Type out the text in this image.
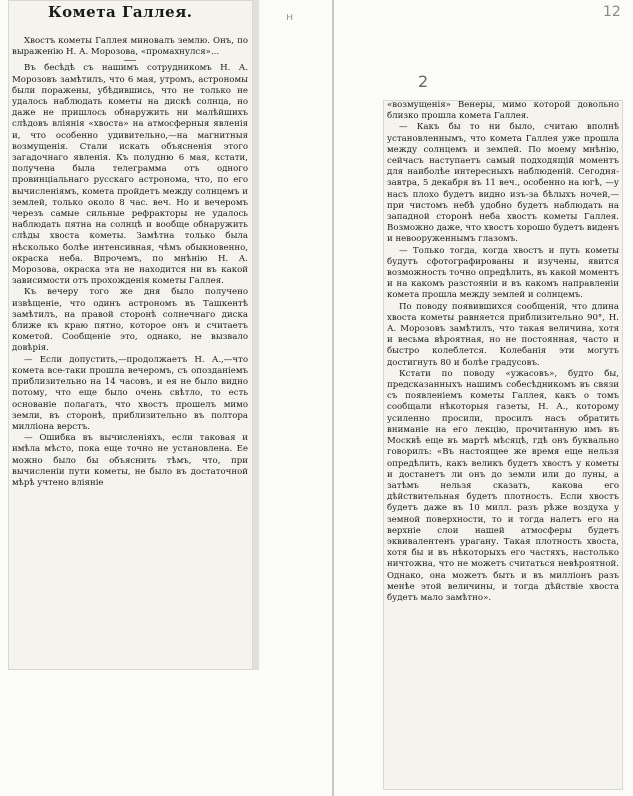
Комета Галлея.	12
2
н

Хвостъ кометы Галлея миновалъ землю. Онъ, по выраженію Н. А. Морозова, «промахнулся»...

Въ бесѣдѣ съ нашимъ сотрудникомъ Н. А. Морозовъ замѣтилъ, что 6 мая, утромъ, астрономы были поражены, убѣдившись, что не только не удалось наблюдать кометы на дискѣ солнца, но даже не пришлось обнаружить ни малѣйшихъ слѣдовъ вліянія «хвоста» на атмосферныя явленія и, что особенно удивительно,—на магнитныя возмущенія. Стали искать объясненія этого загадочнаго явленія. Къ полудню 6 мая, кстати, получена была телеграмма отъ одного провинціальнаго русскаго астронома, что, по его вычисленіямъ, комета пройдетъ между солнцемъ и землей, только около 8 час. веч. Но и вечеромъ черезъ самые сильные рефракторы не удалось наблюдать пятна на солнцѣ и вообще обнаружить слѣды хвоста кометы. Замѣтна только была нѣсколько болѣе интенсивная, чѣмъ обыкновенно, окраска неба. Впрочемъ, по мнѣнію Н. А. Морозова, окраска эта не находится ни въ какой зависимости отъ прохожденія кометы Галлея.

Къ вечеру того же дня было получено извѣщеніе, что одинъ астрономъ въ Ташкентѣ замѣтилъ, на правой сторонѣ солнечнаго диска ближе къ краю пятно, которое онъ и считаетъ кометой. Сообщеніе это, однако, не вызвало довѣрія.

— Если допустить,—продолжаетъ Н. А.,—что комета все-таки прошла вечеромъ, съ опозданіемъ приблизительно на 14 часовъ, и ея не было видно потому, что еще было очень свѣтло, то есть основаніе полагать, что хвостъ прошелъ мимо земли, въ сторонѣ, приблизительно въ полтора милліона верстъ.

— Ошибка въ вычисленіяхъ, если таковая и имѣла мѣсто, пока еще точно не установлена. Ее можно было бы объяснить тѣмъ, что, при вычисленіи пути кометы, не было въ достаточной мѣрѣ учтено вліяніе

«возмущенія» Венеры, мимо которой довольно близко прошла комета Галлея.

— Какъ бы то ни было, считаю вполнѣ установленнымъ, что комета Галлея уже прошла между солнцемъ и землей. По моему мнѣнію, сейчасъ наступаетъ самый подходящій моментъ для наиболѣе интересныхъ наблюденій. Сегодня-завтра, 5 декабря въ 11 веч., особенно на югѣ, —у насъ плохо будетъ видно изъ-за бѣлыхъ ночей,—при чистомъ небѣ удобно будетъ наблюдать на западной сторонѣ неба хвостъ кометы Галлея. Возможно даже, что хвостъ хорошо будетъ виденъ и невооруженнымъ глазомъ.

— Только тогда, когда хвостъ и путь кометы будутъ сфотографированы и изучены, явится возможность точно опредѣлить, въ какой моментъ и на какомъ разстояніи и въ какомъ направленіи комета прошла между землей и солнцемъ.

По поводу появившихся сообщеній, что длина хвоста кометы равняется приблизительно 90°, Н. А. Морозовъ замѣтилъ, что такая величина, хотя и весьма вѣроятная, но не постоянная, часто и быстро колеблется. Колебанія эти могутъ достигнуть 80 и болѣе градусовъ.

Кстати по поводу «ужасовъ», будто бы, предсказанныхъ нашимъ собесѣдникомъ въ связи съ появленіемъ кометы Галлея, какъ о томъ сообщали нѣкоторыя газеты, Н. А., которому усиленно просили, просилъ насъ обратить вниманіе на его лекцію, прочитанную имъ въ Москвѣ еще въ мартѣ мѣсяцѣ, гдѣ онъ буквально говорилъ: «Въ настоящее же время еще нельзя опредѣлить, какъ великъ будетъ хвостъ у кометы и достанетъ ли онъ до земли или до луны, а затѣмъ нельзя сказать, какова его дѣйствительная будетъ плотность. Если хвостъ будетъ даже въ 10 милл. разъ рѣже воздуха у земной поверхности, то и тогда налетъ его на верхніе слои нашей атмосферы будетъ эквивалентенъ урагану. Такая плотность хвоста, хотя бы и въ нѣкоторыхъ его частяхъ, настолько ничтожна, что не можетъ считаться невѣроятной. Однако, она можетъ быть и въ милліонъ разъ менѣе этой величины, и тогда дѣйствіе хвоста будетъ мало замѣтно».
